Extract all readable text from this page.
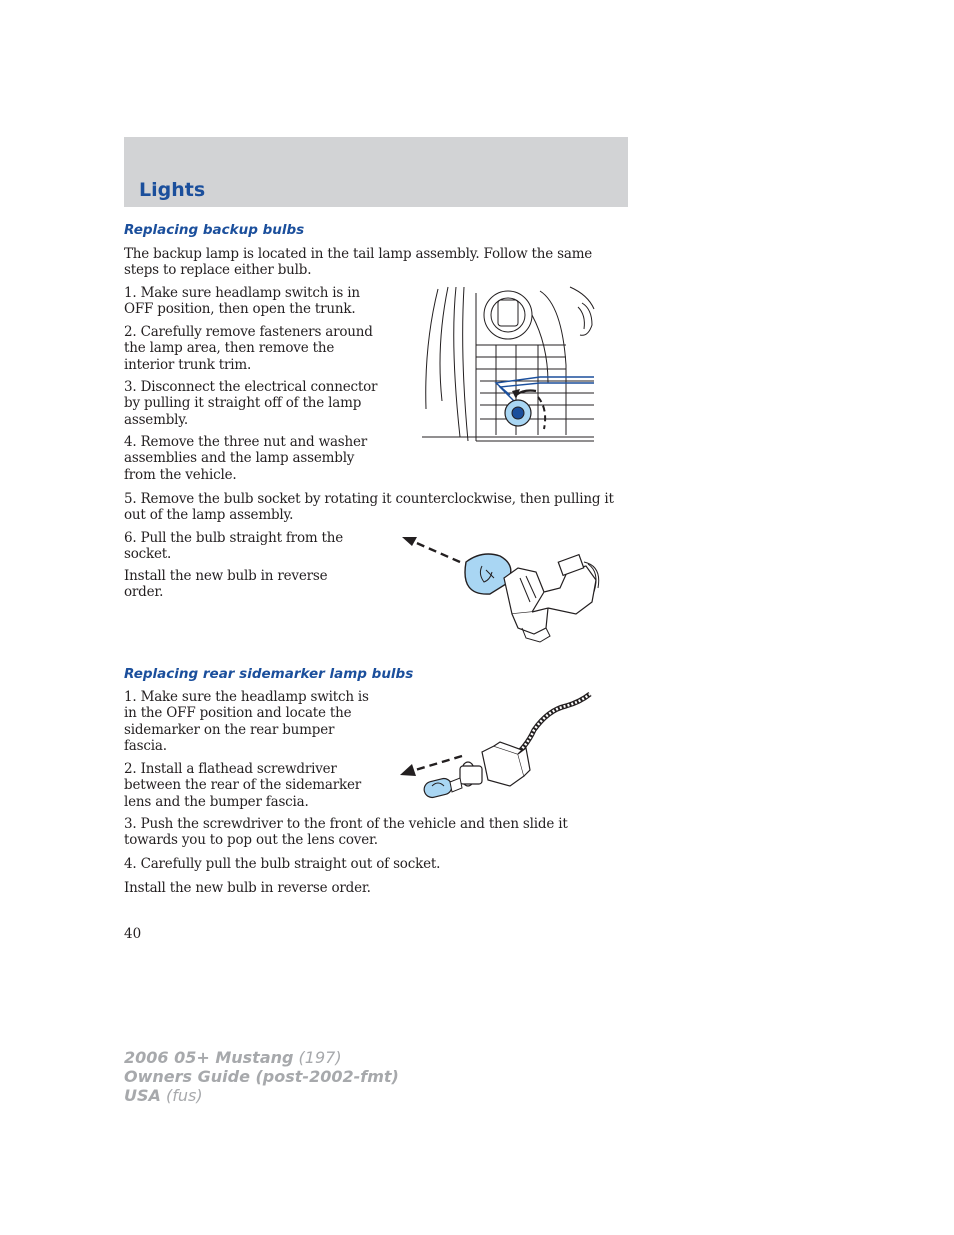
Lights
Replacing backup bulbs

The backup lamp is located in the tail lamp assembly. Follow the same steps to replace either bulb.

1. Make sure headlamp switch is in OFF position, then open the trunk.

2. Carefully remove fasteners around the lamp area, then remove the interior trunk trim.

3. Disconnect the electrical connector by pulling it straight off of the lamp assembly.

4. Remove the three nut and washer assemblies and the lamp assembly from the vehicle.

5. Remove the bulb socket by rotating it counterclockwise, then pulling it out of the lamp assembly.

6. Pull the bulb straight from the socket.

Install the new bulb in reverse order.

Replacing rear sidemarker lamp bulbs

1. Make sure the headlamp switch is in the OFF position and locate the sidemarker on the rear bumper fascia.

2. Install a flathead screwdriver between the rear of the sidemarker lens and the bumper fascia.

3. Push the screwdriver to the front of the vehicle and then slide it towards you to pop out the lens cover.

4. Carefully pull the bulb straight out of socket.

Install the new bulb in reverse order.

40

2006 05+ Mustang (197)
Owners Guide (post-2002-fmt)
USA (fus)
